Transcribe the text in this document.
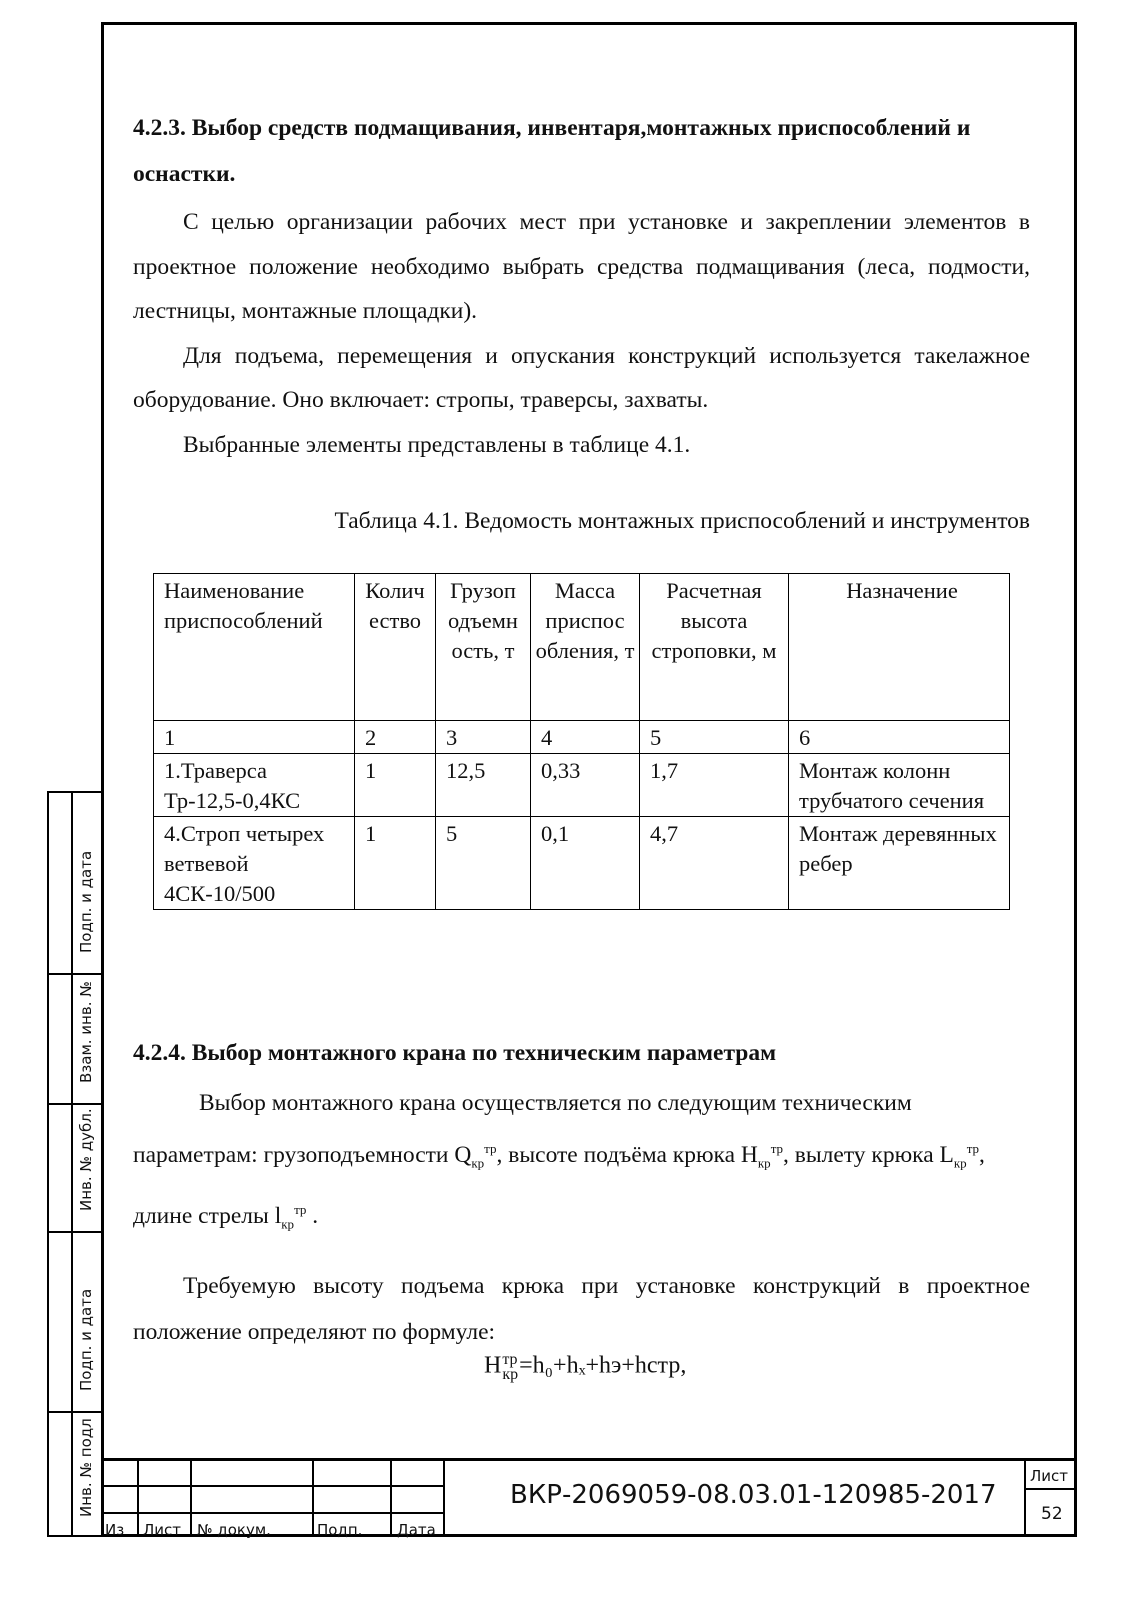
4.2.3. Выбор средств подмащивания, инвентаря,монтажных приспособлений и оснастки.

С целью организации рабочих мест при установке и закреплении элементов в проектное положение необходимо выбрать средства подмащивания (леса, подмости, лестницы, монтажные площадки).

Для подъема, перемещения и опускания конструкций используется такелажное оборудование. Оно включает: стропы, траверсы, захваты.

Выбранные элементы представлены в таблице 4.1.

Таблица 4.1. Ведомость монтажных приспособлений и инструментов

Наименование приспособлений	Колич ество	Грузоп одъемн ость, т	Масса приспос обления, т	Расчетная высота строповки, м	Назначение
1	2	3	4	5	6
1.Траверса Тр-12,5-0,4КС	1	12,5	0,33	1,7	Монтаж колонн трубчатого сечения
4.Строп четырех ветвевой 4СК-10/500	1	5	0,1	4,7	Монтаж деревянных ребер

4.2.4. Выбор монтажного крана по техническим параметрам

Выбор монтажного крана осуществляется по следующим техническим параметрам: грузоподъемности $Q_{кр}^{тр}$, высоте подъёма крюка $Н_{кр}^{тр}$, вылету крюка $L_{кр}^{тр}$, длине стрелы $l_{кр}^{тр}$ .

Требуемую высоту подъема крюка при установке конструкций в проектное положение определяют по формуле:

H тр
кр =h₀+hₓ+hэ+hстр,
Подп. и дата
Взам. инв. №
Инв. № дубл.
Подп. и дата
Инв. № подл
Из Лист № докум.	Подп. Дата
Лист
52
ВКР-2069059-08.03.01-120985-2017
